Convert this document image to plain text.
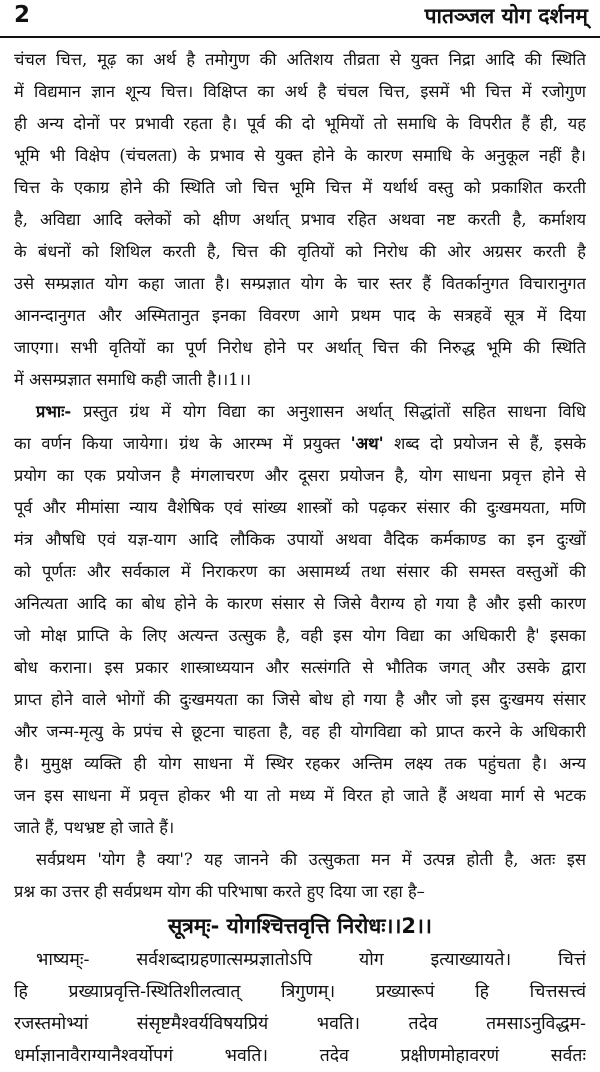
2	पातञ्जल योग दर्शनम्
चंचल चित्त, मूढ़ का अर्थ है तमोगुण की अतिशय तीव्रता से युक्त निद्रा आदि की स्थिति
में विद्यमान ज्ञान शून्य चित्त। विक्षिप्त का अर्थ है चंचल चित्त, इसमें भी चित्त में रजोगुण
ही अन्य दोनों पर प्रभावी रहता है। पूर्व की दो भूमियों तो समाधि के विपरीत हैं ही, यह
भूमि भी विक्षेप (चंचलता) के प्रभाव से युक्त होने के कारण समाधि के अनुकूल नहीं है।
चित्त के एकाग्र होने की स्थिति जो चित्त भूमि चित्त में यर्थार्थ वस्तु को प्रकाशित करती
है, अविद्या आदि क्लेकों को क्षीण अर्थात् प्रभाव रहित अथवा नष्ट करती है, कर्माशय
के बंधनों को शिथिल करती है, चित्त की वृतियों को निरोध की ओर अग्रसर करती है
उसे सम्प्रज्ञात योग कहा जाता है। सम्प्रज्ञात योग के चार स्तर हैं वितर्कानुगत विचारानुगत
आनन्दानुगत और अस्मितानुत इनका विवरण आगे प्रथम पाद के सत्रहवें सूत्र में दिया
जाएगा। सभी वृतियों का पूर्ण निरोध होने पर अर्थात् चित्त की निरुद्ध भूमि की स्थिति
में असम्प्रज्ञात समाधि कही जाती है।।1।।
प्रभाः- प्रस्तुत ग्रंथ में योग विद्या का अनुशासन अर्थात् सिद्धांतों सहित साधना विधि
का वर्णन किया जायेगा। ग्रंथ के आरम्भ में प्रयुक्त 'अथ' शब्द दो प्रयोजन से हैं, इसके
प्रयोग का एक प्रयोजन है मंगलाचरण और दूसरा प्रयोजन है, योग साधना प्रवृत्त होने से
पूर्व और मीमांसा न्याय वैशेषिक एवं सांख्य शास्त्रों को पढ़कर संसार की दुःखमयता, मणि
मंत्र औषधि एवं यज्ञ-याग आदि लौकिक उपायों अथवा वैदिक कर्मकाण्ड का इन दुःखों
को पूर्णतः और सर्वकाल में निराकरण का असामर्थ्य तथा संसार की समस्त वस्तुओं की
अनित्यता आदि का बोध होने के कारण संसार से जिसे वैराग्य हो गया है और इसी कारण
जो मोक्ष प्राप्ति के लिए अत्यन्त उत्सुक है, वही इस योग विद्या का अधिकारी है' इसका
बोध कराना। इस प्रकार शास्त्राध्ययान और सत्संगति से भौतिक जगत् और उसके द्वारा
प्राप्त होने वाले भोगों की दुःखमयता का जिसे बोध हो गया है और जो इस दुःखमय संसार
और जन्म-मृत्यु के प्रपंच से छूटना चाहता है, वह ही योगविद्या को प्राप्त करने के अधिकारी
है। मुमुक्ष व्यक्ति ही योग साधना में स्थिर रहकर अन्तिम लक्ष्य तक पहुंचता है। अन्य
जन इस साधना में प्रवृत्त होकर भी या तो मध्य में विरत हो जाते हैं अथवा मार्ग से भटक
जाते हैं, पथभ्रष्ट हो जाते हैं।
सर्वप्रथम 'योग है क्या'? यह जानने की उत्सुकता मन में उत्पन्न होती है, अतः इस
प्रश्न का उत्तर ही सर्वप्रथम योग की परिभाषा करते हुए दिया जा रहा है–
सूत्रम्ः- योगश्चित्तवृत्ति निरोधः।।2।।
भाष्यम्ः- सर्वशब्दाग्रहणात्सम्प्रज्ञातोऽपि योग इत्याख्यायते। चित्तं
हि प्रख्याप्रवृत्ति-स्थितिशीलत्वात् त्रिगुणम्। प्रख्यारूपं हि चित्तसत्त्वं
रजस्तमोभ्यां संसृष्टमैश्वर्यविषयप्रियं भवति। तदेव तमसाऽनुविद्धम-
धर्माज्ञानावैराग्यानैश्वर्योपगं भवति। तदेव प्रक्षीणमोहावरणं सर्वतः
